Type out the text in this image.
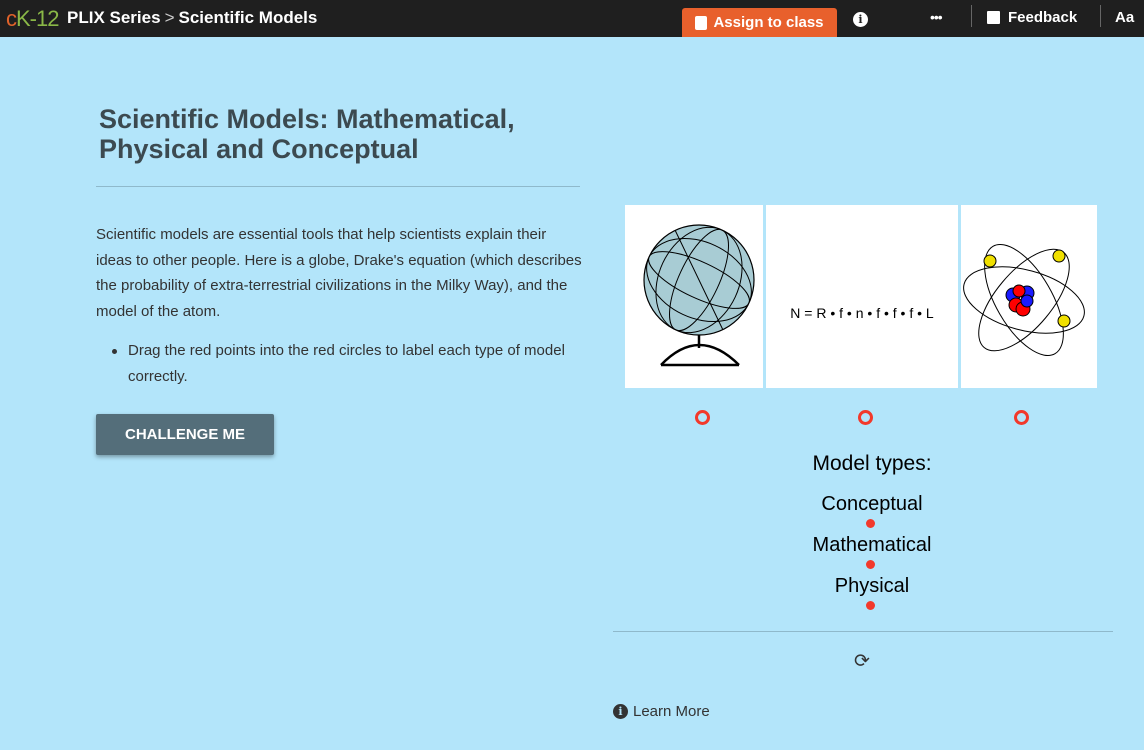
cK-12 PLIX Series > Scientific Models	Assign to class	i	•••	Feedback	Aa
Scientific Models: Mathematical, Physical and Conceptual

Scientific models are essential tools that help scientists explain their ideas to other people. Here is a globe, Drake's equation (which describes the probability of extra-terrestrial civilizations in the Milky Way), and the model of the atom.

Drag the red points into the red circles to label each type of model correctly.

CHALLENGE ME
N = R • f • n • f • f • f • L
Model types:
Conceptual
Mathematical
Physical
⟳
i Learn More
